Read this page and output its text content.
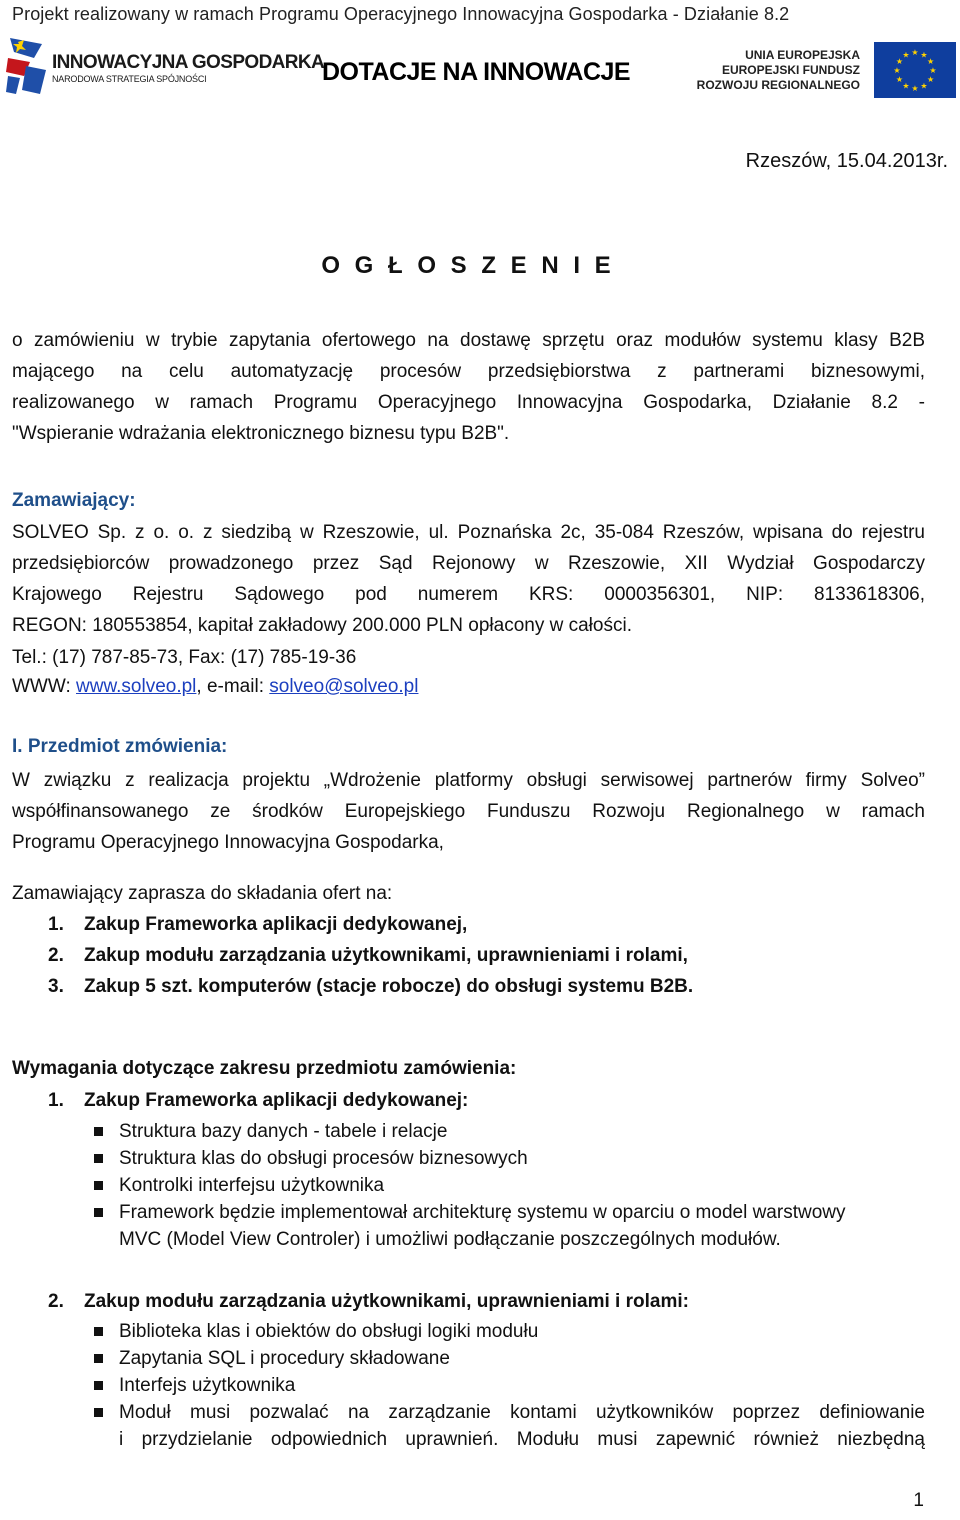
Projekt realizowany w ramach Programu Operacyjnego Innowacyjna Gospodarka - Działanie 8.2
INNOWACYJNA GOSPODARKA
NARODOWA STRATEGIA SPÓJNOŚCI	DOTACJE NA INNOWACJE
UNIA EUROPEJSKA
EUROPEJSKI FUNDUSZ
ROZWOJU REGIONALNEGO
★
★
★
★
★
★
★
★
★ ★ ★
★
Rzeszów, 15.04.2013r.
O G Ł O S Z E N I E
o zamówieniu w trybie zapytania ofertowego na dostawę sprzętu oraz modułów systemu klasy B2B
mającego na celu automatyzację procesów przedsiębiorstwa z partnerami biznesowymi,
realizowanego w ramach Programu Operacyjnego Innowacyjna Gospodarka, Działanie 8.2 -
"Wspieranie wdrażania elektronicznego biznesu typu B2B".
Zamawiający:
SOLVEO Sp. z o. o. z siedzibą w Rzeszowie, ul. Poznańska 2c, 35-084 Rzeszów, wpisana do rejestru
przedsiębiorców prowadzonego przez Sąd Rejonowy w Rzeszowie, XII Wydział Gospodarczy
Krajowego Rejestru Sądowego pod numerem KRS: 0000356301, NIP: 8133618306,
REGON: 180553854, kapitał zakładowy 200.000 PLN opłacony w całości.
Tel.: (17) 787-85-73, Fax: (17) 785-19-36
WWW: www.solveo.pl, e-mail: solveo@solveo.pl
I. Przedmiot zmówienia:
W związku z realizacja projektu „Wdrożenie platformy obsługi serwisowej partnerów firmy Solveo”
współfinansowanego ze środków Europejskiego Funduszu Rozwoju Regionalnego w ramach
Programu Operacyjnego Innowacyjna Gospodarka,
Zamawiający zaprasza do składania ofert na:
1. Zakup Frameworka aplikacji dedykowanej,
2. Zakup modułu zarządzania użytkownikami, uprawnieniami i rolami,
3. Zakup 5 szt. komputerów (stacje robocze) do obsługi systemu B2B.
Wymagania dotyczące zakresu przedmiotu zamówienia:
1. Zakup Frameworka aplikacji dedykowanej:
Struktura bazy danych - tabele i relacje
Struktura klas do obsługi procesów biznesowych
Kontrolki interfejsu użytkownika
Framework będzie implementował architekturę systemu w oparciu o model warstwowy
MVC (Model View Controler) i umożliwi podłączanie poszczególnych modułów.
2. Zakup modułu zarządzania użytkownikami, uprawnieniami i rolami:
Biblioteka klas i obiektów do obsługi logiki modułu
Zapytania SQL i procedury składowane
Interfejs użytkownika
Moduł musi pozwalać na zarządzanie kontami użytkowników poprzez definiowanie
i przydzielanie odpowiednich uprawnień. Modułu musi zapewnić również niezbędną
1
